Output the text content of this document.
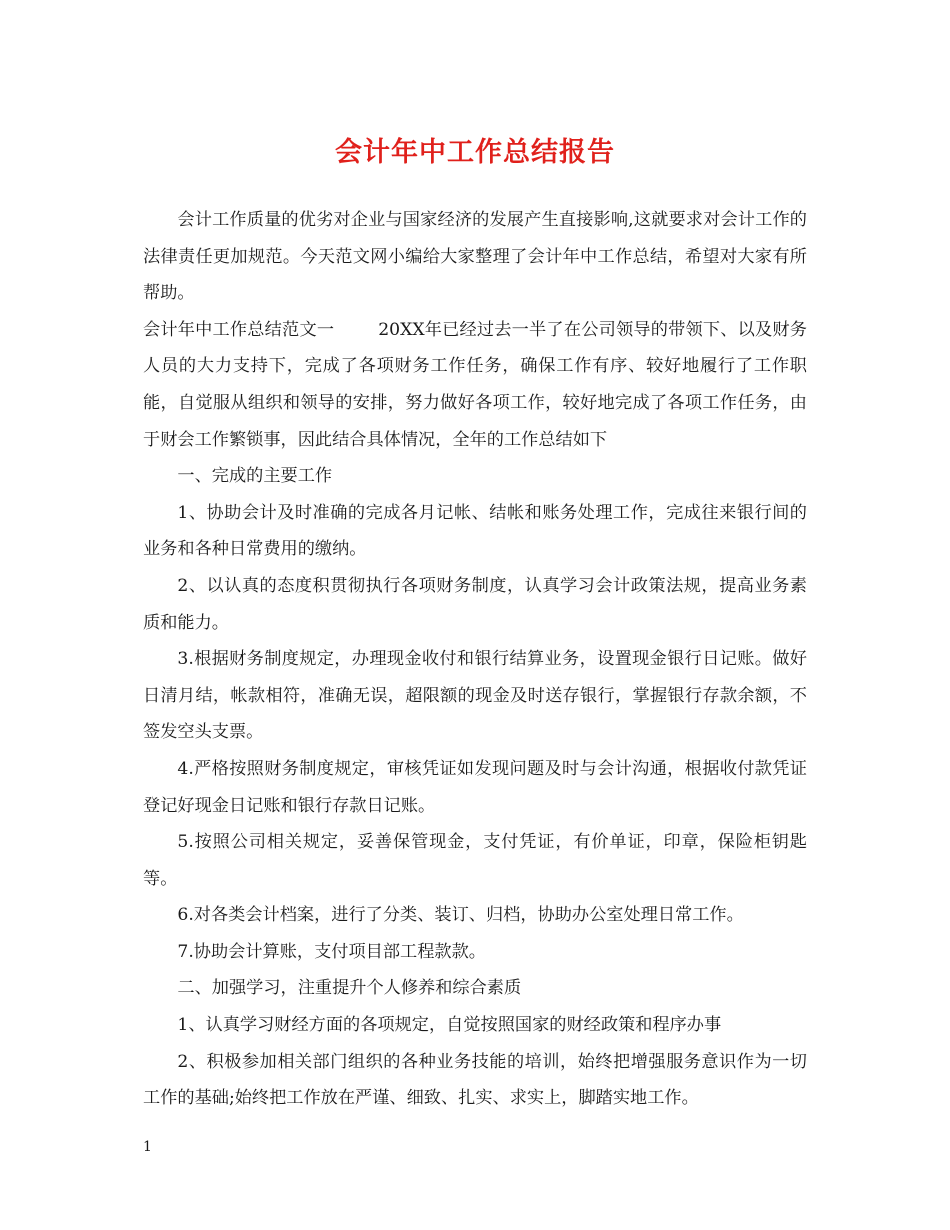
会计年中工作总结报告

会计工作质量的优劣对企业与国家经济的发展产生直接影响,这就要求对会计工作的法律责任更加规范。今天范文网小编给大家整理了会计年中工作总结，希望对大家有所帮助。

会计年中工作总结范文一	20XX年已经过去一半了在公司领导的带领下、以及财务人员的大力支持下，完成了各项财务工作任务，确保工作有序、较好地履行了工作职能，自觉服从组织和领导的安排，努力做好各项工作，较好地完成了各项工作任务，由于财会工作繁锁事，因此结合具体情况，全年的工作总结如下

一、完成的主要工作

1、协助会计及时准确的完成各月记帐、结帐和账务处理工作，完成往来银行间的业务和各种日常费用的缴纳。

2、以认真的态度积贯彻执行各项财务制度，认真学习会计政策法规，提高业务素质和能力。

3.根据财务制度规定，办理现金收付和银行结算业务，设置现金银行日记账。做好日清月结，帐款相符，准确无误，超限额的现金及时送存银行，掌握银行存款余额，不签发空头支票。

4.严格按照财务制度规定，审核凭证如发现问题及时与会计沟通，根据收付款凭证登记好现金日记账和银行存款日记账。

5.按照公司相关规定，妥善保管现金，支付凭证，有价单证，印章，保险柜钥匙等。

6.对各类会计档案，进行了分类、装订、归档，协助办公室处理日常工作。

7.协助会计算账，支付项目部工程款款。

二、加强学习，注重提升个人修养和综合素质

1、认真学习财经方面的各项规定，自觉按照国家的财经政策和程序办事

2、积极参加相关部门组织的各种业务技能的培训，始终把增强服务意识作为一切工作的基础;始终把工作放在严谨、细致、扎实、求实上，脚踏实地工作。

1
